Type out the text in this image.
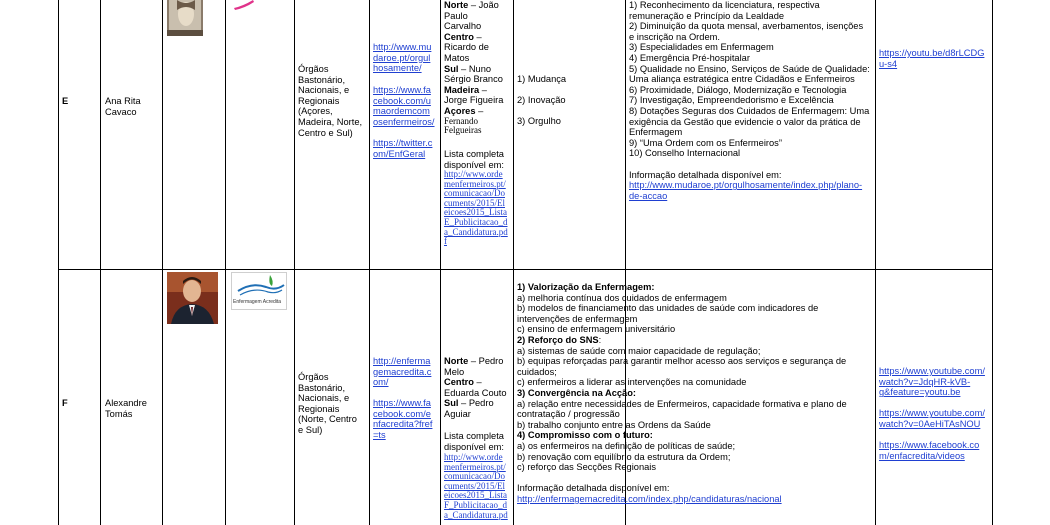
E	Ana Rita
Cavaco
Órgãos
Bastonário,
Nacionais, e
Regionais
(Açores,
Madeira, Norte,
Centro e Sul)
http://www.mu
daroe.pt/orgul
hosamente/
https://www.fa
cebook.com/u
maordemcom
osenfermeiros/
https://twitter.c
om/EnfGeral
Norte – João
Paulo
Carvalho
Centro –
Ricardo de
Matos
Sul – Nuno
Sérgio Branco
Madeira –
Jorge Figueira
Açores –
Fernando
Felgueiras
Lista completa
disponível em:
http://www.orde
menfermeiros.pt/
comunicacao/Do
cuments/2015/El
eicoes2015_Lista
E_Publicitacao_d
a_Candidatura.pd
f
1) Mudança
2) Inovação
3) Orgulho
1) Reconhecimento da licenciatura, respectiva
remuneração e Princípio da Lealdade
2) Diminuição da quota mensal, averbamentos, isenções
e inscrição na Ordem.
3) Especialidades em Enfermagem
4) Emergência Pré-hospitalar
5) Qualidade no Ensino, Serviços de Saúde de Qualidade:
Uma aliança estratégica entre Cidadãos e Enfermeiros
6) Proximidade, Diálogo, Modernização e Tecnologia
7) Investigação, Empreendedorismo e Excelência
8) Dotações Seguras dos Cuidados de Enfermagem: Uma
exigência da Gestão que evidencie o valor da prática de
Enfermagem
9) “Uma Ordem com os Enfermeiros”
10) Conselho Internacional
Informação detalhada disponível em:
http://www.mudaroe.pt/orgulhosamente/index.php/plano-
de-accao
https://youtu.be/d8rLCDG
u-s4
F	Alexandre
Tomás
Enfermagem Acredita
Órgãos
Bastonário,
Nacionais, e
Regionais
(Norte, Centro
e Sul)
http://enferma
gemacredita.c
om/
https://www.fa
cebook.com/e
nfacredita?fref
=ts
Norte – Pedro
Melo
Centro –
Eduarda Couto
Sul – Pedro
Aguiar
Lista completa
disponível em:
http://www.orde
menfermeiros.pt/
comunicacao/Do
cuments/2015/El
eicoes2015_Lista
F_Publicitacao_d
a_Candidatura.pd
1) Valorização da Enfermagem:
a) melhoria contínua dos cuidados de enfermagem
b) modelos de financiamento das unidades de saúde com indicadores de
intervenções de enfermagem
c) ensino de enfermagem universitário
2) Reforço do SNS:
a) sistemas de saúde com maior capacidade de regulação;
b) equipas reforçadas para garantir melhor acesso aos serviços e segurança de
cuidados;
c) enfermeiros a liderar as intervenções na comunidade
3) Convergência na Acção:
a) relação entre necessidades de Enfermeiros, capacidade formativa e plano de
contratação / progressão
b) trabalho conjunto entre as Ordens da Saúde
4) Compromisso com o futuro:
a) os enfermeiros na definição de políticas de saúde;
b) renovação com equilíbrio da estrutura da Ordem;
c) reforço das Secções Regionais
Informação detalhada disponível em:
http://enfermagemacredita.com/index.php/candidaturas/nacional
https://www.youtube.com/
watch?v=JdqHR-kVB-
g&feature=youtu.be
https://www.youtube.com/
watch?v=0AeHiTAsNOU
https://www.facebook.co
m/enfacredita/videos
